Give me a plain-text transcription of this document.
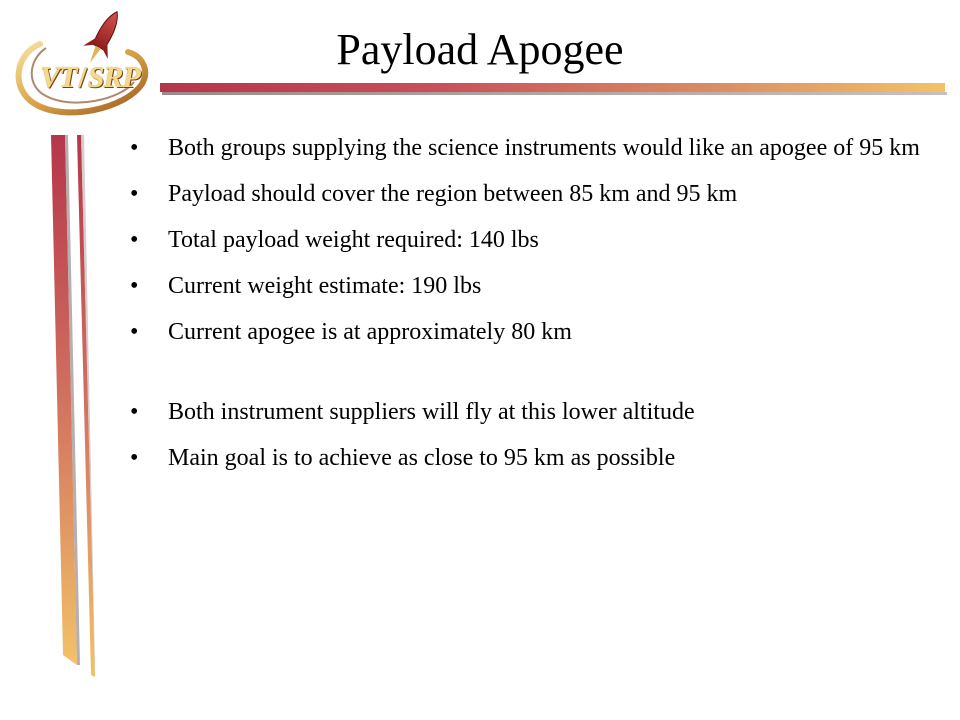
VT / SRP
Payload Apogee
• Both groups supplying the science instruments would like an apogee of 95 km
• Payload should cover the region between 85 km and 95 km
• Total payload weight required: 140 lbs
• Current weight estimate: 190 lbs
• Current apogee is at approximately 80 km
• Both instrument suppliers will fly at this lower altitude
• Main goal is to achieve as close to 95 km as possible
